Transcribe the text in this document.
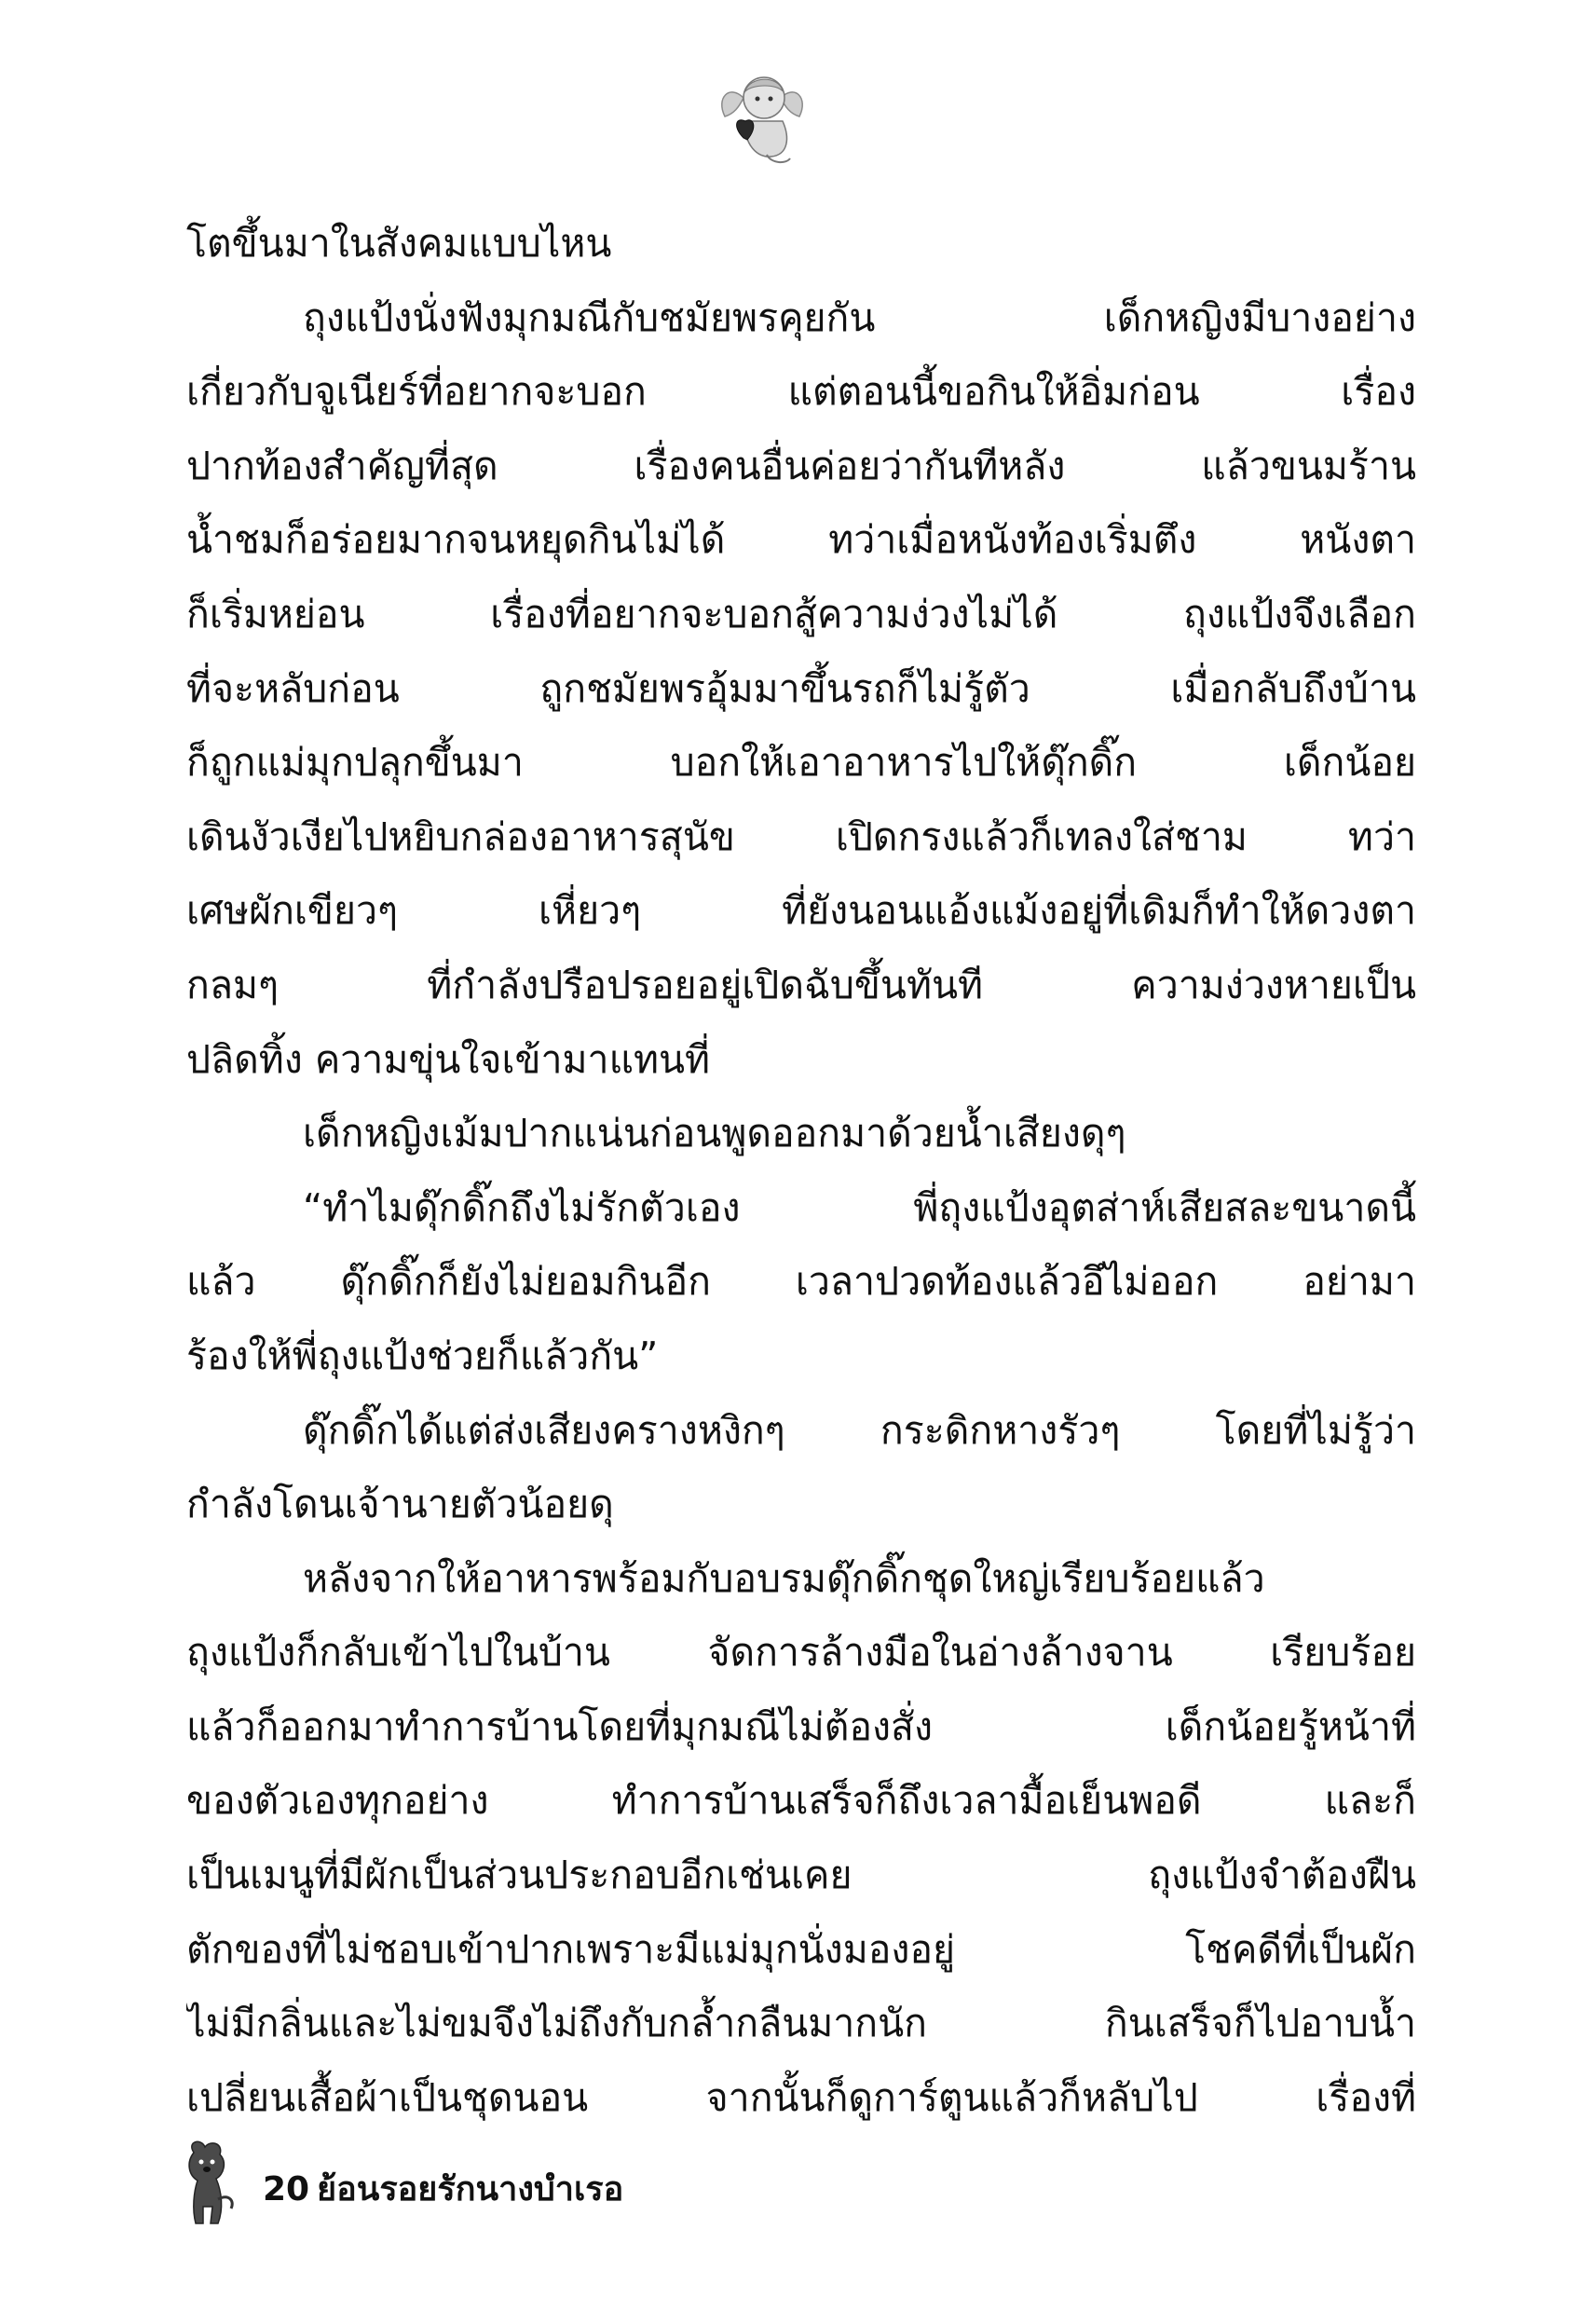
โตขึ้นมาในสังคมแบบไหน
ถุงแป้งนั่งฟังมุกมณีกับชมัยพรคุยกัน เด็กหญิงมีบางอย่าง
เกี่ยวกับจูเนียร์ที่อยากจะบอก แต่ตอนนี้ขอกินให้อิ่มก่อน เรื่อง
ปากท้องสำคัญที่สุด เรื่องคนอื่นค่อยว่ากันทีหลัง แล้วขนมร้าน
น้ำชมก็อร่อยมากจนหยุดกินไม่ได้ ทว่าเมื่อหนังท้องเริ่มตึง หนังตา
ก็เริ่มหย่อน เรื่องที่อยากจะบอกสู้ความง่วงไม่ได้ ถุงแป้งจึงเลือก
ที่จะหลับก่อน ถูกชมัยพรอุ้มมาขึ้นรถก็ไม่รู้ตัว เมื่อกลับถึงบ้าน
ก็ถูกแม่มุกปลุกขึ้นมา บอกให้เอาอาหารไปให้ดุ๊กดิ๊ก เด็กน้อย
เดินงัวเงียไปหยิบกล่องอาหารสุนัข เปิดกรงแล้วก็เทลงใส่ชาม ทว่า
เศษผักเขียวๆ เหี่ยวๆ ที่ยังนอนแอ้งแม้งอยู่ที่เดิมก็ทำให้ดวงตา
กลมๆ ที่กำลังปรือปรอยอยู่เปิดฉับขึ้นทันที ความง่วงหายเป็น
ปลิดทิ้ง ความขุ่นใจเข้ามาแทนที่
เด็กหญิงเม้มปากแน่นก่อนพูดออกมาด้วยน้ำเสียงดุๆ
“ทำไมดุ๊กดิ๊กถึงไม่รักตัวเอง พี่ถุงแป้งอุตส่าห์เสียสละขนาดนี้
แล้ว ดุ๊กดิ๊กก็ยังไม่ยอมกินอีก เวลาปวดท้องแล้วอึไม่ออก อย่ามา
ร้องให้พี่ถุงแป้งช่วยก็แล้วกัน”
ดุ๊กดิ๊กได้แต่ส่งเสียงครางหงิกๆ กระดิกหางรัวๆ โดยที่ไม่รู้ว่า
กำลังโดนเจ้านายตัวน้อยดุ
หลังจากให้อาหารพร้อมกับอบรมดุ๊กดิ๊กชุดใหญ่เรียบร้อยแล้ว
ถุงแป้งก็กลับเข้าไปในบ้าน จัดการล้างมือในอ่างล้างจาน เรียบร้อย
แล้วก็ออกมาทำการบ้านโดยที่มุกมณีไม่ต้องสั่ง เด็กน้อยรู้หน้าที่
ของตัวเองทุกอย่าง ทำการบ้านเสร็จก็ถึงเวลามื้อเย็นพอดี และก็
เป็นเมนูที่มีผักเป็นส่วนประกอบอีกเช่นเคย ถุงแป้งจำต้องฝืน
ตักของที่ไม่ชอบเข้าปากเพราะมีแม่มุกนั่งมองอยู่ โชคดีที่เป็นผัก
ไม่มีกลิ่นและไม่ขมจึงไม่ถึงกับกล้ำกลืนมากนัก กินเสร็จก็ไปอาบน้ำ
เปลี่ยนเสื้อผ้าเป็นชุดนอน จากนั้นก็ดูการ์ตูนแล้วก็หลับไป เรื่องที่
20 ย้อนรอยรักนางบำเรอ
